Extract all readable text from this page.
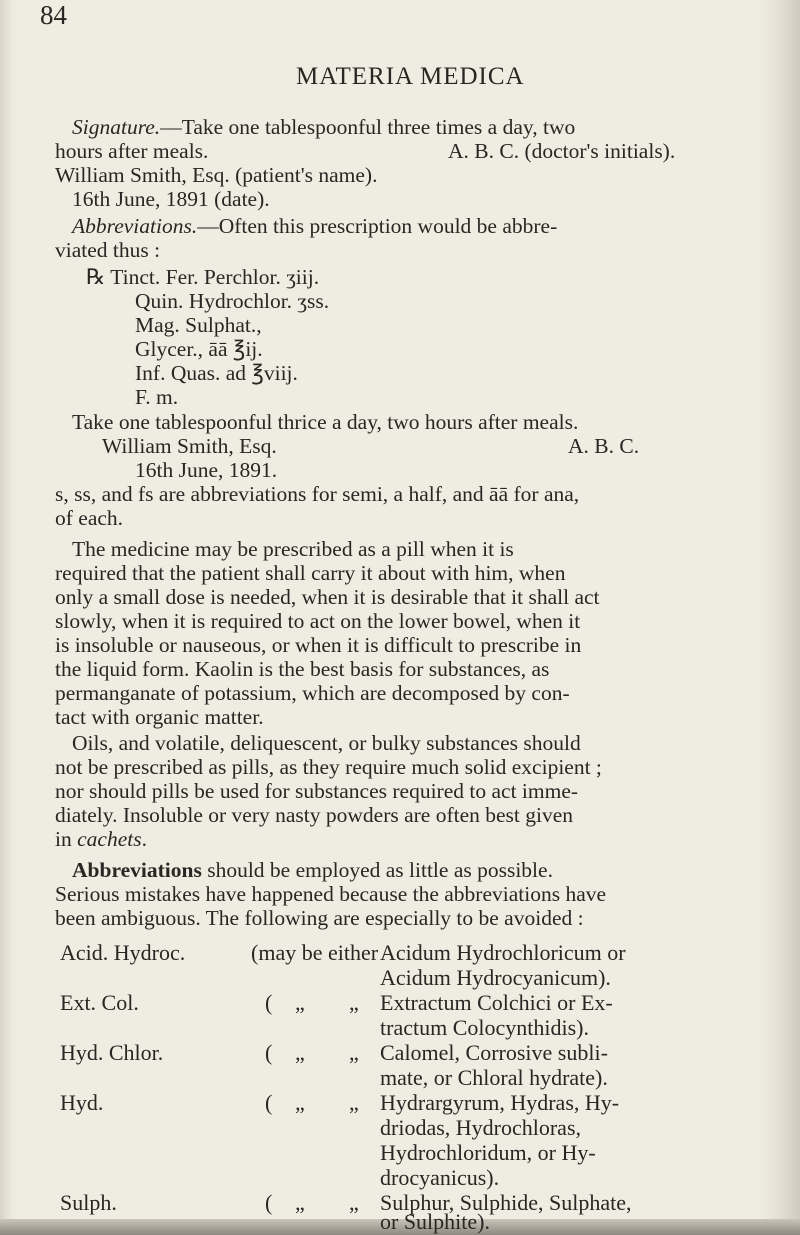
84
MATERIA MEDICA
Signature.—Take one tablespoonful three times a day, two
hours after meals.	A. B. C. (doctor's initials).
William Smith, Esq. (patient's name).
16th June, 1891 (date).
Abbreviations.—Often this prescription would be abbre-
viated thus :
℞ Tinct. Fer. Perchlor. ʒiij.
Quin. Hydrochlor. ʒss.
Mag. Sulphat.,
Glycer., āā ℥ij.
Inf. Quas. ad ℥viij.
F. m.
Take one tablespoonful thrice a day, two hours after meals.
William Smith, Esq.	A. B. C.
16th June, 1891.
s, ss, and fs are abbreviations for semi, a half, and āā for ana,
of each.
The medicine may be prescribed as a pill when it is
required that the patient shall carry it about with him, when
only a small dose is needed, when it is desirable that it shall act
slowly, when it is required to act on the lower bowel, when it
is insoluble or nauseous, or when it is difficult to prescribe in
the liquid form. Kaolin is the best basis for substances, as
permanganate of potassium, which are decomposed by con-
tact with organic matter.
Oils, and volatile, deliquescent, or bulky substances should
not be prescribed as pills, as they require much solid excipient ;
nor should pills be used for substances required to act imme-
diately. Insoluble or very nasty powders are often best given
in cachets.
Abbreviations should be employed as little as possible.
Serious mistakes have happened because the abbreviations have
been ambiguous. The following are especially to be avoided :
Acid. Hydroc.	(may be either Acidum Hydrochloricum or
Acidum Hydrocyanicum).
Ext. Col.	( „ „ Extractum Colchici or Ex-
tractum Colocynthidis).
Hyd. Chlor.	( „ „ Calomel, Corrosive subli-
mate, or Chloral hydrate).
Hyd.	( „ „ Hydrargyrum, Hydras, Hy-
driodas, Hydrochloras,
Hydrochloridum, or Hy-
drocyanicus).
Sulph.	( „ „ Sulphur, Sulphide, Sulphate,
or Sulphite).
